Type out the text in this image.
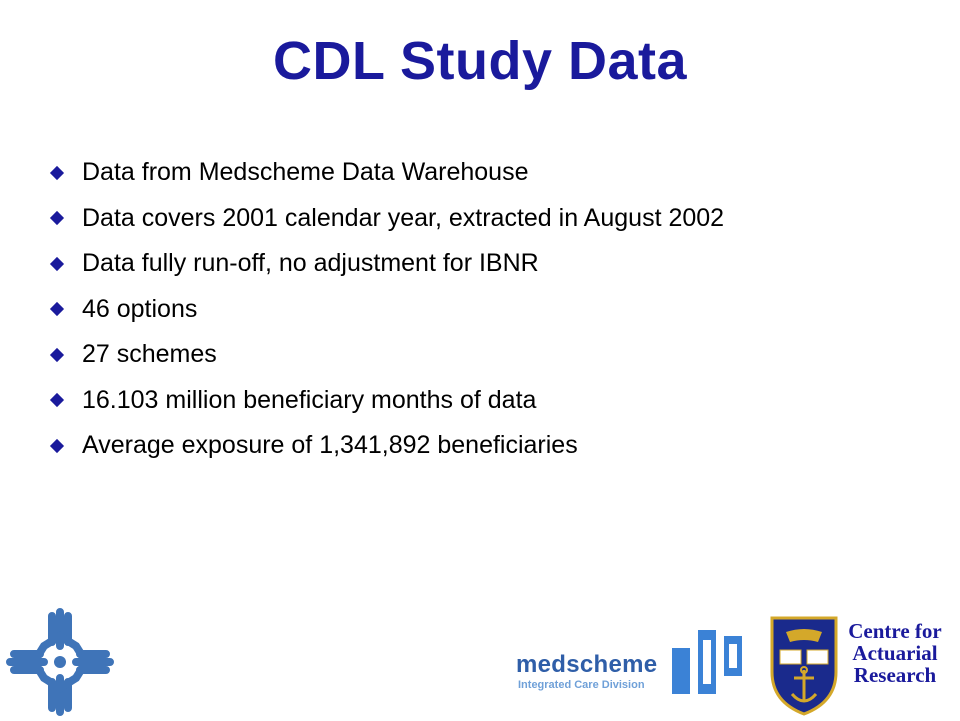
CDL Study Data
Data from Medscheme Data Warehouse
Data covers 2001 calendar year, extracted in August 2002
Data fully run-off, no adjustment for IBNR
46 options
27 schemes
16.103 million beneficiary months of data
Average exposure of 1,341,892 beneficiaries
medscheme
Integrated Care Division
Centre for
Actuarial
Research
